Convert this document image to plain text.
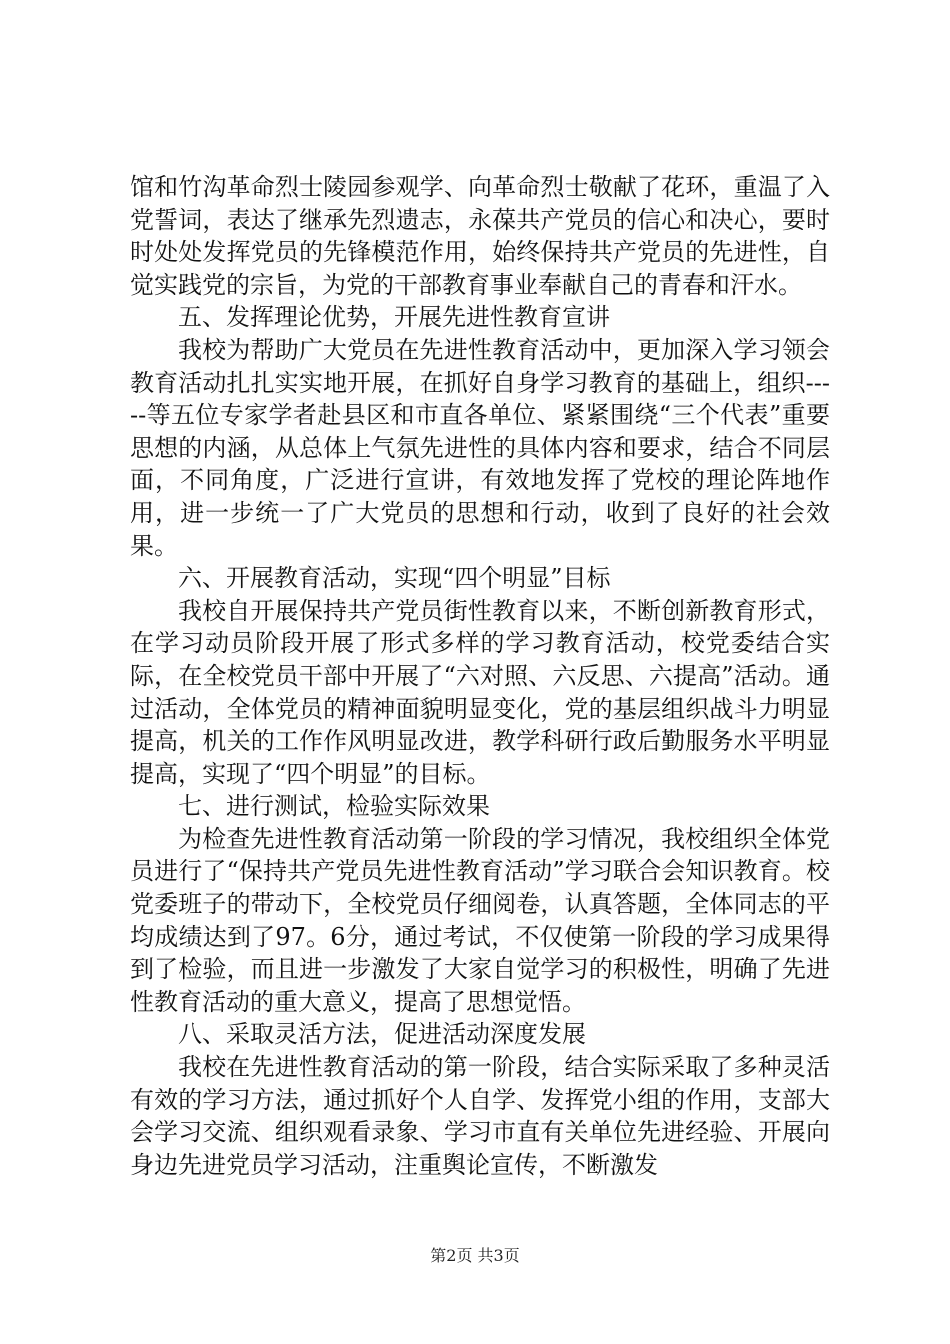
馆和竹沟革命烈士陵园参观学、向革命烈士敬献了花环，重温了入党誓词，表达了继承先烈遗志，永葆共产党员的信心和决心，要时时处处发挥党员的先锋模范作用，始终保持共产党员的先进性，自觉实践党的宗旨，为党的干部教育事业奉献自己的青春和汗水。

五、发挥理论优势，开展先进性教育宣讲

我校为帮助广大党员在先进性教育活动中，更加深入学习领会教育活动扎扎实实地开展，在抓好自身学习教育的基础上，组织-----等五位专家学者赴县区和市直各单位、紧紧围绕“三个代表”重要思想的内涵，从总体上气氛先进性的具体内容和要求，结合不同层面，不同角度，广泛进行宣讲，有效地发挥了党校的理论阵地作用，进一步统一了广大党员的思想和行动，收到了良好的社会效果。

六、开展教育活动，实现“四个明显”目标

我校自开展保持共产党员街性教育以来，不断创新教育形式，在学习动员阶段开展了形式多样的学习教育活动，校党委结合实际，在全校党员干部中开展了“六对照、六反思、六提高”活动。通过活动，全体党员的精神面貌明显变化，党的基层组织战斗力明显提高，机关的工作作风明显改进，教学科研行政后勤服务水平明显提高，实现了“四个明显”的目标。

七、进行测试，检验实际效果

为检查先进性教育活动第一阶段的学习情况，我校组织全体党员进行了“保持共产党员先进性教育活动”学习联合会知识教育。校党委班子的带动下，全校党员仔细阅卷，认真答题，全体同志的平均成绩达到了97。6分，通过考试，不仅使第一阶段的学习成果得到了检验，而且进一步激发了大家自觉学习的积极性，明确了先进性教育活动的重大意义，提高了思想觉悟。

八、采取灵活方法，促进活动深度发展

我校在先进性教育活动的第一阶段，结合实际采取了多种灵活有效的学习方法，通过抓好个人自学、发挥党小组的作用，支部大会学习交流、组织观看录象、学习市直有关单位先进经验、开展向身边先进党员学习活动，注重舆论宣传，不断激发

第2页 共3页
